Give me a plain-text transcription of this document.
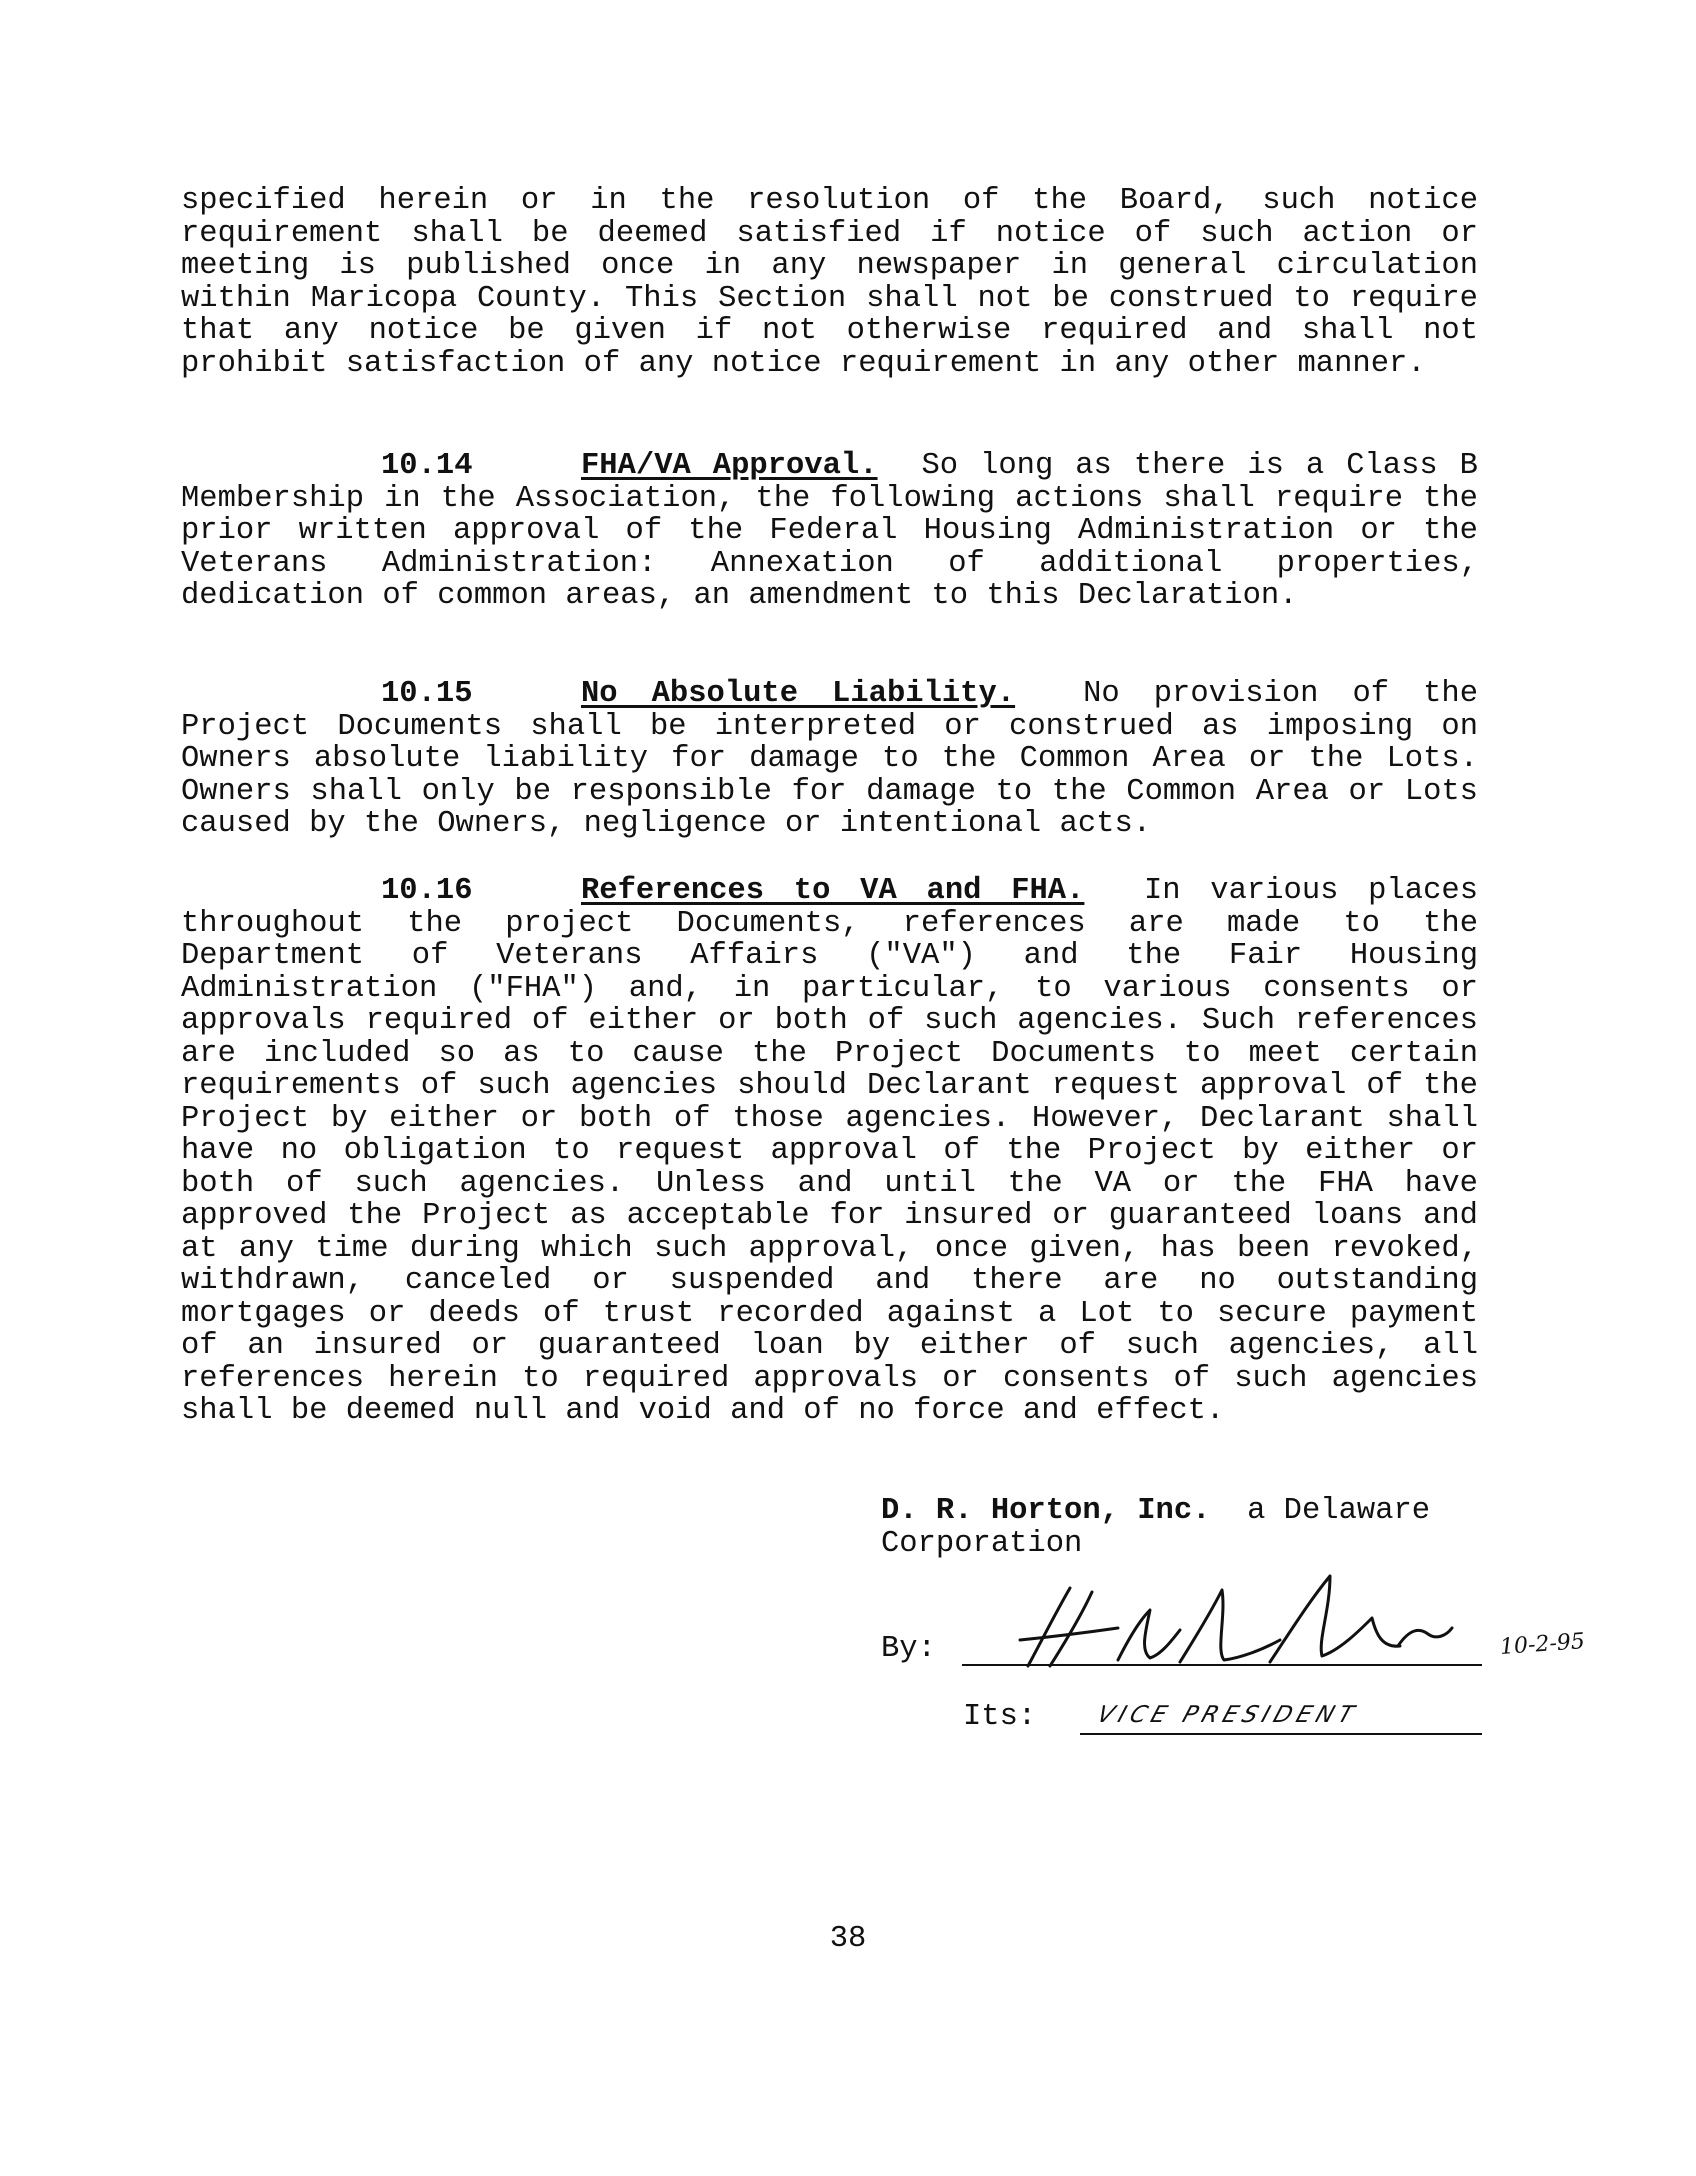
specified herein or in the resolution of the Board, such notice requirement shall be deemed satisfied if notice of such action or meeting is published once in any newspaper in general circulation within Maricopa County. This Section shall not be construed to require that any notice be given if not otherwise required and shall not prohibit satisfaction of any notice requirement in any other manner.

10.14	FHA/VA Approval. So long as there is a Class B Membership in the Association, the following actions shall require the prior written approval of the Federal Housing Administration or the Veterans Administration: Annexation of additional properties, dedication of common areas, an amendment to this Declaration.

10.15	No Absolute Liability. No provision of the Project Documents shall be interpreted or construed as imposing on Owners absolute liability for damage to the Common Area or the Lots. Owners shall only be responsible for damage to the Common Area or Lots caused by the Owners, negligence or intentional acts.

10.16	References to VA and FHA. In various places throughout the project Documents, references are made to the Department of Veterans Affairs ("VA") and the Fair Housing Administration ("FHA") and, in particular, to various consents or approvals required of either or both of such agencies. Such references are included so as to cause the Project Documents to meet certain requirements of such agencies should Declarant request approval of the Project by either or both of those agencies. However, Declarant shall have no obligation to request approval of the Project by either or both of such agencies. Unless and until the VA or the FHA have approved the Project as acceptable for insured or guaranteed loans and at any time during which such approval, once given, has been revoked, withdrawn, canceled or suspended and there are no outstanding mortgages or deeds of trust recorded against a Lot to secure payment of an insured or guaranteed loan by either of such agencies, all references herein to required approvals or consents of such agencies shall be deemed null and void and of no force and effect.

D. R. Horton, Inc. a Delaware
Corporation
By:	10-2-95
Its:	VICE PRESIDENT
38
